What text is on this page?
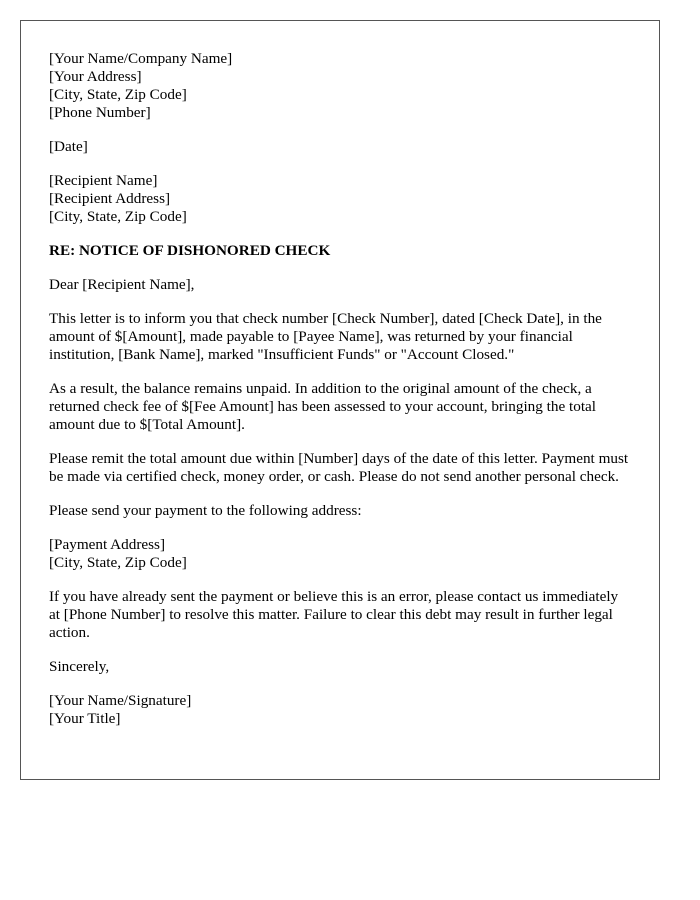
[Your Name/Company Name]
[Your Address]
[City, State, Zip Code]
[Phone Number]
[Date]
[Recipient Name]
[Recipient Address]
[City, State, Zip Code]
RE: NOTICE OF DISHONORED CHECK

Dear [Recipient Name],

This letter is to inform you that check number [Check Number], dated [Check Date], in the amount of $[Amount], made payable to [Payee Name], was returned by your financial institution, [Bank Name], marked "Insufficient Funds" or "Account Closed."

As a result, the balance remains unpaid. In addition to the original amount of the check, a returned check fee of $[Fee Amount] has been assessed to your account, bringing the total amount due to $[Total Amount].

Please remit the total amount due within [Number] days of the date of this letter. Payment must be made via certified check, money order, or cash. Please do not send another personal check.

Please send your payment to the following address:

[Payment Address]
[City, State, Zip Code]

If you have already sent the payment or believe this is an error, please contact us immediately at [Phone Number] to resolve this matter. Failure to clear this debt may result in further legal action.

Sincerely,

[Your Name/Signature]
[Your Title]
